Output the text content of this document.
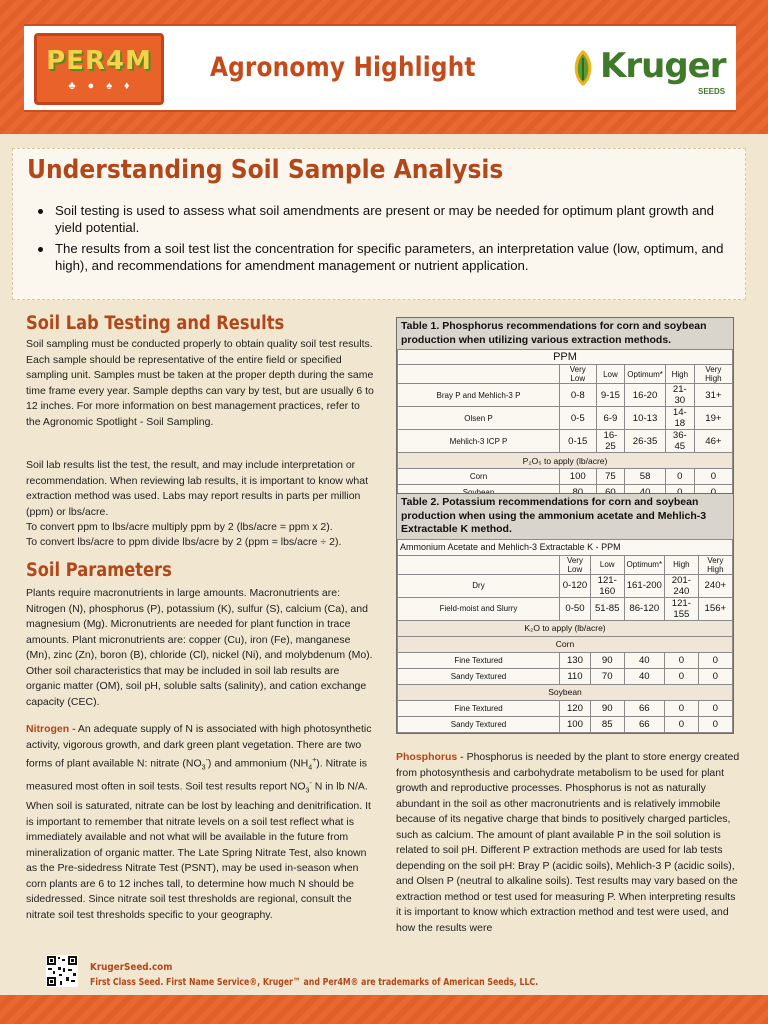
PER4M
♣ ● ♠ ♦
Agronomy Highlight	Kruger
SEEDS
Understanding Soil Sample Analysis
Soil testing is used to assess what soil amendments are present or may be needed for optimum plant growth and yield potential.
The results from a soil test list the concentration for specific parameters, an interpretation value (low, optimum, and high), and recommendations for amendment management or nutrient application.
Soil Lab Testing and Results
Soil sampling must be conducted properly to obtain quality soil test results. Each sample should be representative of the entire field or specified sampling unit. Samples must be taken at the proper depth during the same time frame every year. Sample depths can vary by test, but are usually 6 to 12 inches. For more information on best management practices, refer to the Agronomic Spotlight - Soil Sampling.
Soil lab results list the test, the result, and may include interpretation or recommendation. When reviewing lab results, it is important to know what extraction method was used. Labs may report results in parts per million (ppm) or lbs/acre.
To convert ppm to lbs/acre multiply ppm by 2 (lbs/acre = ppm x 2).
To convert lbs/acre to ppm divide lbs/acre by 2 (ppm = lbs/acre ÷ 2).
Soil Parameters
Plants require macronutrients in large amounts. Macronutrients are: Nitrogen (N), phosphorus (P), potassium (K), sulfur (S), calcium (Ca), and magnesium (Mg). Micronutrients are needed for plant function in trace amounts. Plant micronutrients are: copper (Cu), iron (Fe), manganese (Mn), zinc (Zn), boron (B), chloride (Cl), nickel (Ni), and molybdenum (Mo). Other soil characteristics that may be included in soil lab results are organic matter (OM), soil pH, soluble salts (salinity), and cation exchange capacity (CEC).
Nitrogen - An adequate supply of N is associated with high photosynthetic activity, vigorous growth, and dark green plant vegetation. There are two forms of plant available N: nitrate $(NO_3^-)$ and ammonium $(NH_4^+)$. Nitrate is measured most often in soil tests. Soil test results report $NO_3^-$ N in lb N/A. When soil is saturated, nitrate can be lost by leaching and denitrification. It is important to remember that nitrate levels on a soil test reflect what is immediately available and not what will be available in the future from mineralization of organic matter. The Late Spring Nitrate Test, also known as the Pre-sidedress Nitrate Test (PSNT), may be used in-season when corn plants are 6 to 12 inches tall, to determine how much N should be sidedressed. Since nitrate soil test thresholds are regional, consult the nitrate soil test thresholds specific to your geography.
Table 1. Phosphorus recommendations for corn and soybean production when utilizing various extraction methods.
PPM					
	Very Low	Low	Optimum*	High	Very High
Bray P and Mehlich-3 P	0-8	9-15	16-20	21-30	31+
Olsen P	0-5	6-9	10-13	14-18	19+
Mehlich-3 ICP P	0-15	16-25	26-35	36-45	46+
P₂O₅ to apply (lb/acre)					
Corn	100	75	58	0	0

Table 2. Potassium recommendations for corn and soybean production when using the ammonium acetate and Mehlich-3 Extractable K method.
Ammonium Acetate and Mehlich-3 Extractable K - PPM					
	Very Low	Low	Optimum*	High	Very High
Dry	0-120	121-160	161-200	201-240	240+
Field-moist and Slurry	0-50	51-85	86-120	121-155	156+
K₂O to apply (lb/acre)					
Corn					
Fine Textured	130	90	40	0	0
Sandy Textured	110	70	40	0	0
Soybean					
Fine Textured	120	90	66	0	0
Sandy Textured	100	85	66	0	0
Phosphorus - Phosphorus is needed by the plant to store energy created from photosynthesis and carbohydrate metabolism to be used for plant growth and reproductive processes. Phosphorus is not as naturally abundant in the soil as other macronutrients and is relatively immobile because of its negative charge that binds to positively charged particles, such as calcium. The amount of plant available P in the soil solution is related to soil pH. Different P extraction methods are used for lab tests depending on the soil pH: Bray P (acidic soils), Mehlich-3 P (acidic soils), and Olsen P (neutral to alkaline soils). Test results may vary based on the extraction method or test used for measuring P. When interpreting results it is important to know which extraction method and test were used, and how the results were
KrugerSeed.com
First Class Seed. First Name Service®, Kruger™ and Per4M® are trademarks of American Seeds, LLC.
